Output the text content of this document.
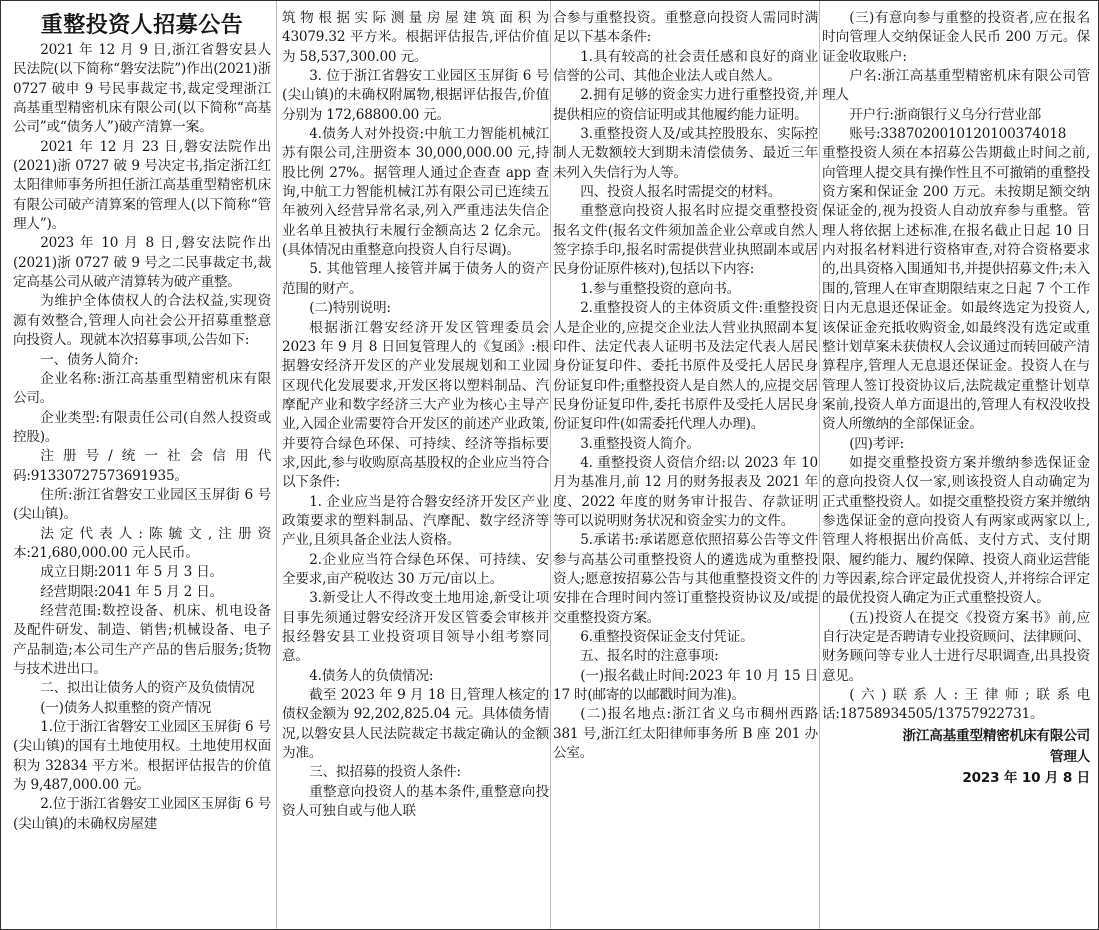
重整投资人招募公告

2021 年 12 月 9 日,浙江省磐安县人民法院(以下简称“磐安法院”)作出(2021)浙 0727 破申 9 号民事裁定书,裁定受理浙江高基重型精密机床有限公司(以下简称“高基公司”或“债务人”)破产清算一案。

2021 年 12 月 23 日,磐安法院作出(2021)浙 0727 破 9 号决定书,指定浙江红太阳律师事务所担任浙江高基重型精密机床有限公司破产清算案的管理人(以下简称“管理人”)。

2023 年 10 月 8 日,磐安法院作出(2021)浙 0727 破 9 号之二民事裁定书,裁定高基公司从破产清算转为破产重整。

为维护全体债权人的合法权益,实现资源有效整合,管理人向社会公开招募重整意向投资人。现就本次招募事项,公告如下:

一、债务人简介:

企业名称:浙江高基重型精密机床有限公司。

企业类型:有限责任公司(自然人投资或控股)。

注册号/统一社会信用代码:91330727573691935。

住所:浙江省磐安工业园区玉屏街 6 号(尖山镇)。

法定代表人:陈毓文,注册资本:21,680,000.00 元人民币。

成立日期:2011 年 5 月 3 日。

经营期限:2041 年 5 月 2 日。

经营范围:数控设备、机床、机电设备及配件研发、制造、销售;机械设备、电子产品制造;本公司生产产品的售后服务;货物与技术进出口。

二、拟出让债务人的资产及负债情况

(一)债务人拟重整的资产情况

1.位于浙江省磐安工业园区玉屏街 6 号(尖山镇)的国有土地使用权。土地使用权面积为 32834 平方米。根据评估报告的价值为 9,487,000.00 元。

2.位于浙江省磐安工业园区玉屏街 6 号(尖山镇)的未确权房屋建

筑物根据实际测量房屋建筑面积为 43079.32 平方米。根据评估报告,评估价值为 58,537,300.00 元。

3. 位于浙江省磐安工业园区玉屏街 6 号(尖山镇)的未确权附属物,根据评估报告,价值分别为 172,68800.00 元。

4.债务人对外投资:中航工力智能机械江苏有限公司,注册资本 30,000,000.00 元,持股比例 27%。据管理人通过企查查 app 查询,中航工力智能机械江苏有限公司已连续五年被列入经营异常名录,列入严重违法失信企业名单且被执行未履行金额高达 2 亿余元。(具体情况由重整意向投资人自行尽调)。

5. 其他管理人接管并属于债务人的资产范围的财产。

(二)特别说明:

根据浙江磐安经济开发区管理委员会 2023 年 9 月 8 日回复管理人的《复函》:根据磐安经济开发区的产业发展规划和工业园区现代化发展要求,开发区将以塑料制品、汽摩配产业和数字经济三大产业为核心主导产业,入园企业需要符合开发区的前述产业政策,并要符合绿色环保、可持续、经济等指标要求,因此,参与收购原高基股权的企业应当符合以下条件:

1. 企业应当是符合磐安经济开发区产业政策要求的塑料制品、汽摩配、数字经济等产业,且须具备企业法人资格。

2.企业应当符合绿色环保、可持续、安全要求,亩产税收达 30 万元/亩以上。

3.新受让人不得改变土地用途,新受让项目事先须通过磐安经济开发区管委会审核并报经磐安县工业投资项目领导小组考察同意。

4.债务人的负债情况:

截至 2023 年 9 月 18 日,管理人核定的债权金额为 92,202,825.04 元。具体债务情况,以磐安县人民法院裁定书裁定确认的金额为准。

三、拟招募的投资人条件:

重整意向投资人的基本条件,重整意向投资人可独自或与他人联

合参与重整投资。重整意向投资人需同时满足以下基本条件:

1.具有较高的社会责任感和良好的商业信誉的公司、其他企业法人或自然人。

2.拥有足够的资金实力进行重整投资,并提供相应的资信证明或其他履约能力证明。

3.重整投资人及/或其控股股东、实际控制人无数额较大到期未清偿债务、最近三年未列入失信行为人等。

四、投资人报名时需提交的材料。

重整意向投资人报名时应提交重整投资报名文件(报名文件须加盖企业公章或自然人签字捺手印,报名时需提供营业执照副本或居民身份证原件核对),包括以下内容:

1.参与重整投资的意向书。

2.重整投资人的主体资质文件:重整投资人是企业的,应提交企业法人营业执照副本复印件、法定代表人证明书及法定代表人居民身份证复印件、委托书原件及受托人居民身份证复印件;重整投资人是自然人的,应提交居民身份证复印件,委托书原件及受托人居民身份证复印件(如需委托代理人办理)。

3.重整投资人简介。

4. 重整投资人资信介绍:以 2023 年 10 月为基准月,前 12 月的财务报表及 2021 年度、2022 年度的财务审计报告、存款证明等可以说明财务状况和资金实力的文件。

5.承诺书:承诺愿意依照招募公告等文件参与高基公司重整投资人的遴选成为重整投资人;愿意按招募公告与其他重整投资文件的安排在合理时间内签订重整投资协议及/或提交重整投资方案。

6.重整投资保证金支付凭证。

五、报名时的注意事项:

(一)报名截止时间:2023 年 10 月 15 日 17 时(邮寄的以邮戳时间为准)。

(二)报名地点:浙江省义乌市稠州西路 381 号,浙江红太阳律师事务所 B 座 201 办公室。

(三)有意向参与重整的投资者,应在报名时向管理人交纳保证金人民币 200 万元。保证金收取账户:

户名:浙江高基重型精密机床有限公司管理人

开户行:浙商银行义乌分行营业部

账号:338702001012010037401​8

重整投资人须在本招募公告期截止时间之前,向管理人提交具有操作性且不可撤销的重整投资方案和保证金 200 万元。未按期足额交纳保证金的,视为投资人自动放弃参与重整。管理人将依据上述标准,在报名截止日起 10 日内对报名材料进行资格审查,对符合资格要求的,出具资格入围通知书,并提供招募文件;未入围的,管理人在审查期限结束之日起 7 个工作日内无息退还保证金。如最终选定为投资人,该保证金充抵收购资金,如最终没有选定或重整计划草案未获债权人会议通过而转回破产清算程序,管理人无息退还保证金。投资人在与管理人签订投资协议后,法院裁定重整计划草案前,投资人单方面退出的,管理人有权没收投资人所缴纳的全部保证金。

(四)考评:

如提交重整投资方案并缴纳参选保证金的意向投资人仅一家,则该投资人自动确定为正式重整投资人。如提交重整投资方案并缴纳参选保证金的意向投资人有两家或两家以上,管理人将根据出价高低、支付方式、支付期限、履约能力、履约保障、投资人商业运营能力等因素,综合评定最优投资人,并将综合评定的最优投资人确定为正式重整投资人。

(五)投资人在提交《投资方案书》前,应自行决定是否聘请专业投资顾问、法律顾问、财务顾问等专业人士进行尽职调查,出具投资意见。

(六)联系人:王律师;联系电话:18758934505/13757922731。

浙江高基重型精密机床有限公司
管理人
2023 年 10 月 8 日
